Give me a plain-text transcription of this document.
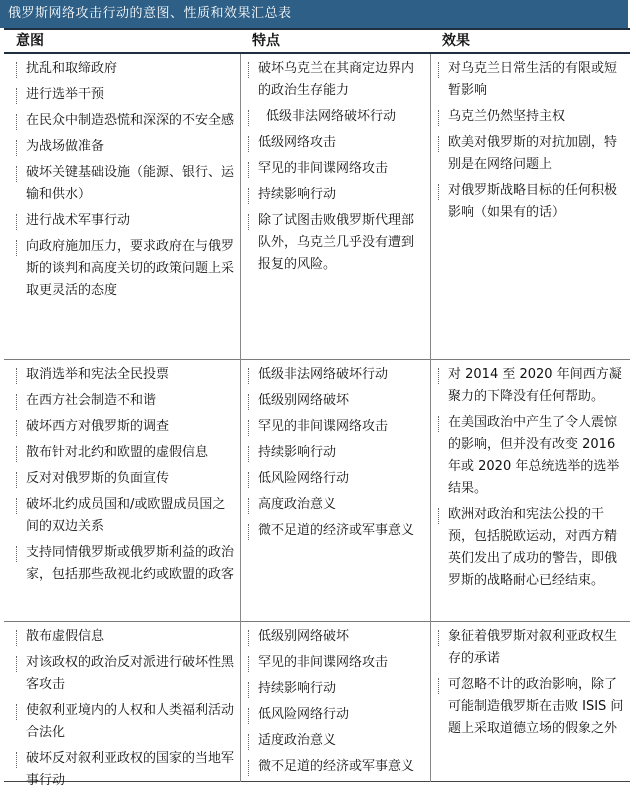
俄罗斯网络攻击行动的意图、性质和效果汇总表
意图	特点	效果
扰乱和取缔政府
进行选举干预
在民众中制造恐慌和深深的不安全感
为战场做准备
破坏关键基础设施（能源、银行、运输和供水）
进行战术军事行动
向政府施加压力，要求政府在与俄罗斯的谈判和高度关切的政策问题上采取更灵活的态度
破坏乌克兰在其商定边界内的政治生存能力
低级非法网络破坏行动
低级网络攻击
罕见的非间谍网络攻击
持续影响行动
除了试图击败俄罗斯代理部队外，乌克兰几乎没有遭到报复的风险。
对乌克兰日常生活的有限或短暂影响
乌克兰仍然坚持主权
欧美对俄罗斯的对抗加剧，特别是在网络问题上
对俄罗斯战略目标的任何积极影响（如果有的话）
取消选举和宪法全民投票
在西方社会制造不和谐
破坏西方对俄罗斯的调查
散布针对北约和欧盟的虚假信息
反对对俄罗斯的负面宣传
破坏北约成员国和/或欧盟成员国之间的双边关系
支持同情俄罗斯或俄罗斯利益的政治家，包括那些敌视北约或欧盟的政客
低级非法网络破坏行动
低级别网络破坏
罕见的非间谍网络攻击
持续影响行动
低风险网络行动
高度政治意义
微不足道的经济或军事意义
对 2014 至 2020 年间西方凝聚力的下降没有任何帮助。
在美国政治中产生了令人震惊的影响，但并没有改变 2016 年或 2020 年总统选举的选举结果。
欧洲对政治和宪法公投的干预，包括脱欧运动，对西方精英们发出了成功的警告，即俄罗斯的战略耐心已经结束。
散布虚假信息
对该政权的政治反对派进行破坏性黑客攻击
使叙利亚境内的人权和人类福利活动合法化
破坏反对叙利亚政权的国家的当地军事行动
低级别网络破坏
罕见的非间谍网络攻击
持续影响行动
低风险网络行动
适度政治意义
微不足道的经济或军事意义
象征着俄罗斯对叙利亚政权生存的承诺
可忽略不计的政治影响，除了可能制造俄罗斯在击败 ISIS 问题上采取道德立场的假象之外
